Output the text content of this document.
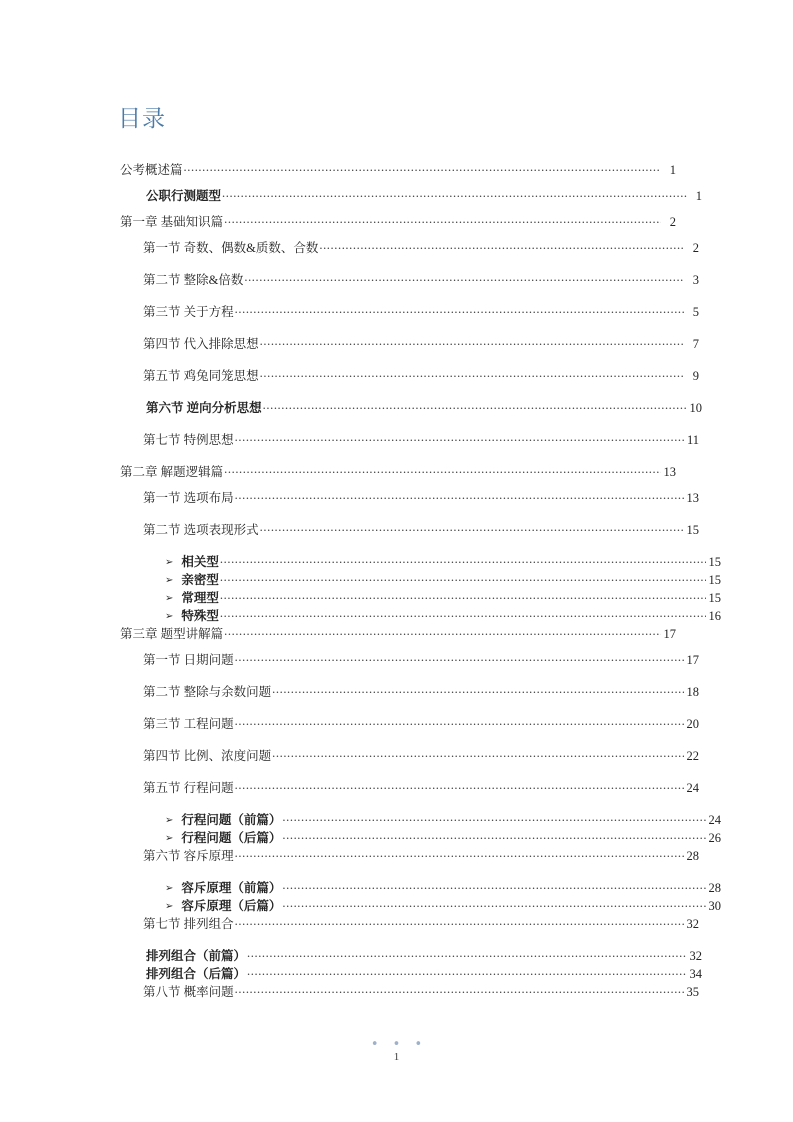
目录
公考概述篇 .....	1
公职行测题型 .....	1
第一章 基础知识篇 .....	2
第一节 奇数、偶数&质数、合数 .....	2
第二节 整除&倍数 .....	3
第三节 关于方程 .....	5
第四节 代入排除思想 .....	7
第五节 鸡兔同笼思想 .....	9
第六节 逆向分析思想 .....	10
第七节 特例思想 .....	11
第二章 解题逻辑篇 .....	13
第一节 选项布局 .....	13
第二节 选项表现形式 .....	15
➢ 相关型 .....	15
➢ 亲密型 .....	15
➢ 常理型 .....	15
➢ 特殊型 .....	16
第三章 题型讲解篇 .....	17
第一节 日期问题 .....	17
第二节 整除与余数问题 .....	18
第三节 工程问题 .....	20
第四节 比例、浓度问题 .....	22
第五节 行程问题 .....	24
➢ 行程问题（前篇） .....	24
➢ 行程问题（后篇） .....	26
第六节 容斥原理 .....	28
➢ 容斥原理（前篇） .....	28
➢ 容斥原理（后篇） .....	30
第七节 排列组合 .....	32
排列组合（前篇） .....	32
排列组合（后篇） .....	34
第八节 概率问题 .....	35
• • •
1
